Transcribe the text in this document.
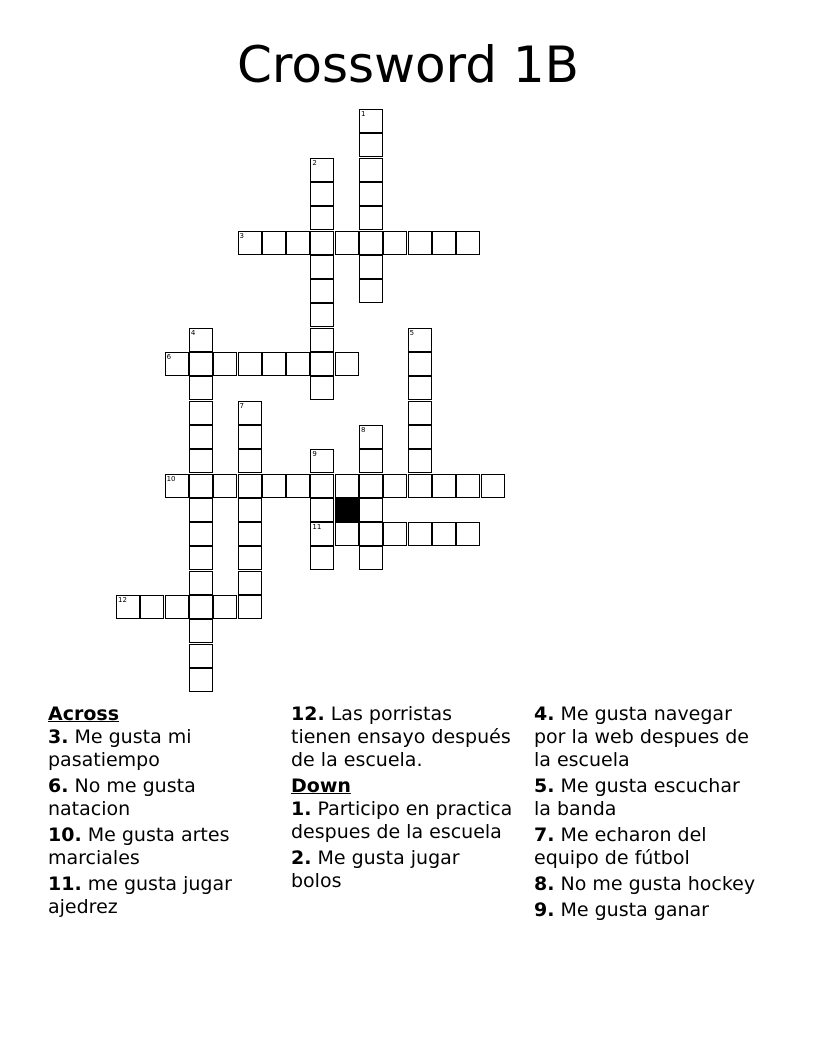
Crossword 1B
1
2
3
4	5
6
7
8
9
11
10
12
Across
3. Me gusta mi pasatiempo
6. No me gusta natacion
10. Me gusta artes marciales
11. me gusta jugar ajedrez
12. Las porristas tienen ensayo después de la escuela.
Down
1. Participo en practica despues de la escuela
2. Me gusta jugar bolos
4. Me gusta navegar por la web despues de la escuela
5. Me gusta escuchar la banda
7. Me echaron del equipo de fútbol
8. No me gusta hockey
9. Me gusta ganar
